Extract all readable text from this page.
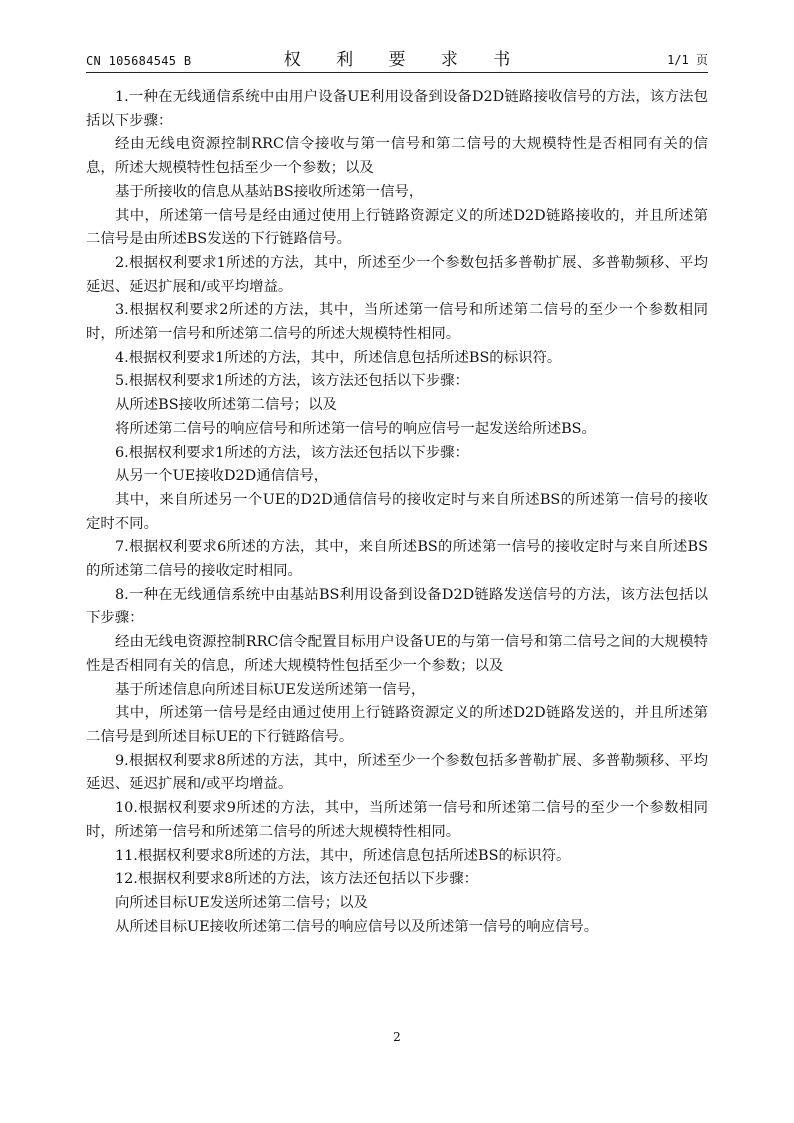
CN 105684545 B	权 利 要 求 书	1/1 页

1.一种在无线通信系统中由用户设备UE利用设备到设备D2D链路接收信号的方法，该方法包括以下步骤：

经由无线电资源控制RRC信令接收与第一信号和第二信号的大规模特性是否相同有关的信息，所述大规模特性包括至少一个参数；以及

基于所接收的信息从基站BS接收所述第一信号，

其中，所述第一信号是经由通过使用上行链路资源定义的所述D2D链路接收的，并且所述第二信号是由所述BS发送的下行链路信号。

2.根据权利要求1所述的方法，其中，所述至少一个参数包括多普勒扩展、多普勒频移、平均延迟、延迟扩展和/或平均增益。

3.根据权利要求2所述的方法，其中，当所述第一信号和所述第二信号的至少一个参数相同时，所述第一信号和所述第二信号的所述大规模特性相同。

4.根据权利要求1所述的方法，其中，所述信息包括所述BS的标识符。

5.根据权利要求1所述的方法，该方法还包括以下步骤：

从所述BS接收所述第二信号；以及

将所述第二信号的响应信号和所述第一信号的响应信号一起发送给所述BS。

6.根据权利要求1所述的方法，该方法还包括以下步骤：

从另一个UE接收D2D通信信号，

其中，来自所述另一个UE的D2D通信信号的接收定时与来自所述BS的所述第一信号的接收定时不同。

7.根据权利要求6所述的方法，其中，来自所述BS的所述第一信号的接收定时与来自所述BS的所述第二信号的接收定时相同。

8.一种在无线通信系统中由基站BS利用设备到设备D2D链路发送信号的方法，该方法包括以下步骤：

经由无线电资源控制RRC信令配置目标用户设备UE的与第一信号和第二信号之间的大规模特性是否相同有关的信息，所述大规模特性包括至少一个参数；以及

基于所述信息向所述目标UE发送所述第一信号，

其中，所述第一信号是经由通过使用上行链路资源定义的所述D2D链路发送的，并且所述第二信号是到所述目标UE的下行链路信号。

9.根据权利要求8所述的方法，其中，所述至少一个参数包括多普勒扩展、多普勒频移、平均延迟、延迟扩展和/或平均增益。

10.根据权利要求9所述的方法，其中，当所述第一信号和所述第二信号的至少一个参数相同时，所述第一信号和所述第二信号的所述大规模特性相同。

11.根据权利要求8所述的方法，其中，所述信息包括所述BS的标识符。

12.根据权利要求8所述的方法，该方法还包括以下步骤：

向所述目标UE发送所述第二信号；以及

从所述目标UE接收所述第二信号的响应信号以及所述第一信号的响应信号。

2
